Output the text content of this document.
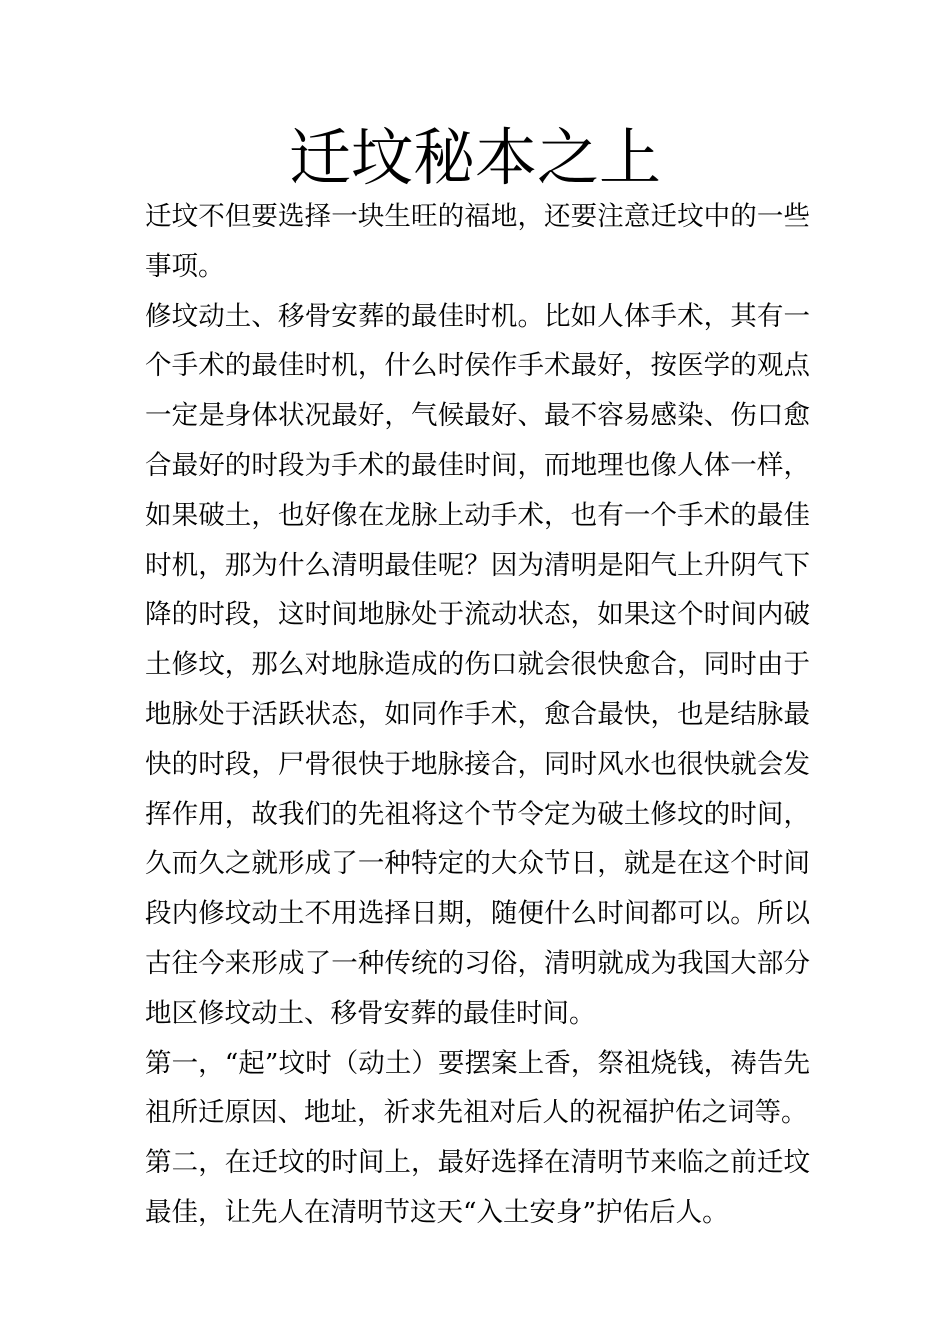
迁坟秘本之上

迁坟不但要选择一块生旺的福地，还要注意迁坟中的一些事项。

修坟动土、移骨安葬的最佳时机。比如人体手术，其有一个手术的最佳时机，什么时侯作手术最好，按医学的观点一定是身体状况最好，气候最好、最不容易感染、伤口愈合最好的时段为手术的最佳时间，而地理也像人体一样，如果破土，也好像在龙脉上动手术，也有一个手术的最佳时机，那为什么清明最佳呢？因为清明是阳气上升阴气下降的时段，这时间地脉处于流动状态，如果这个时间内破土修坟，那么对地脉造成的伤口就会很快愈合，同时由于地脉处于活跃状态，如同作手术，愈合最快，也是结脉最快的时段，尸骨很快于地脉接合，同时风水也很快就会发挥作用，故我们的先祖将这个节令定为破土修坟的时间，久而久之就形成了一种特定的大众节日，就是在这个时间段内修坟动土不用选择日期，随便什么时间都可以。所以古往今来形成了一种传统的习俗，清明就成为我国大部分地区修坟动土、移骨安葬的最佳时间。

第一，“起”坟时（动土）要摆案上香，祭祖烧钱，祷告先祖所迁原因、地址，祈求先祖对后人的祝福护佑之词等。

第二，在迁坟的时间上，最好选择在清明节来临之前迁坟最佳，让先人在清明节这天“入土安身”护佑后人。
